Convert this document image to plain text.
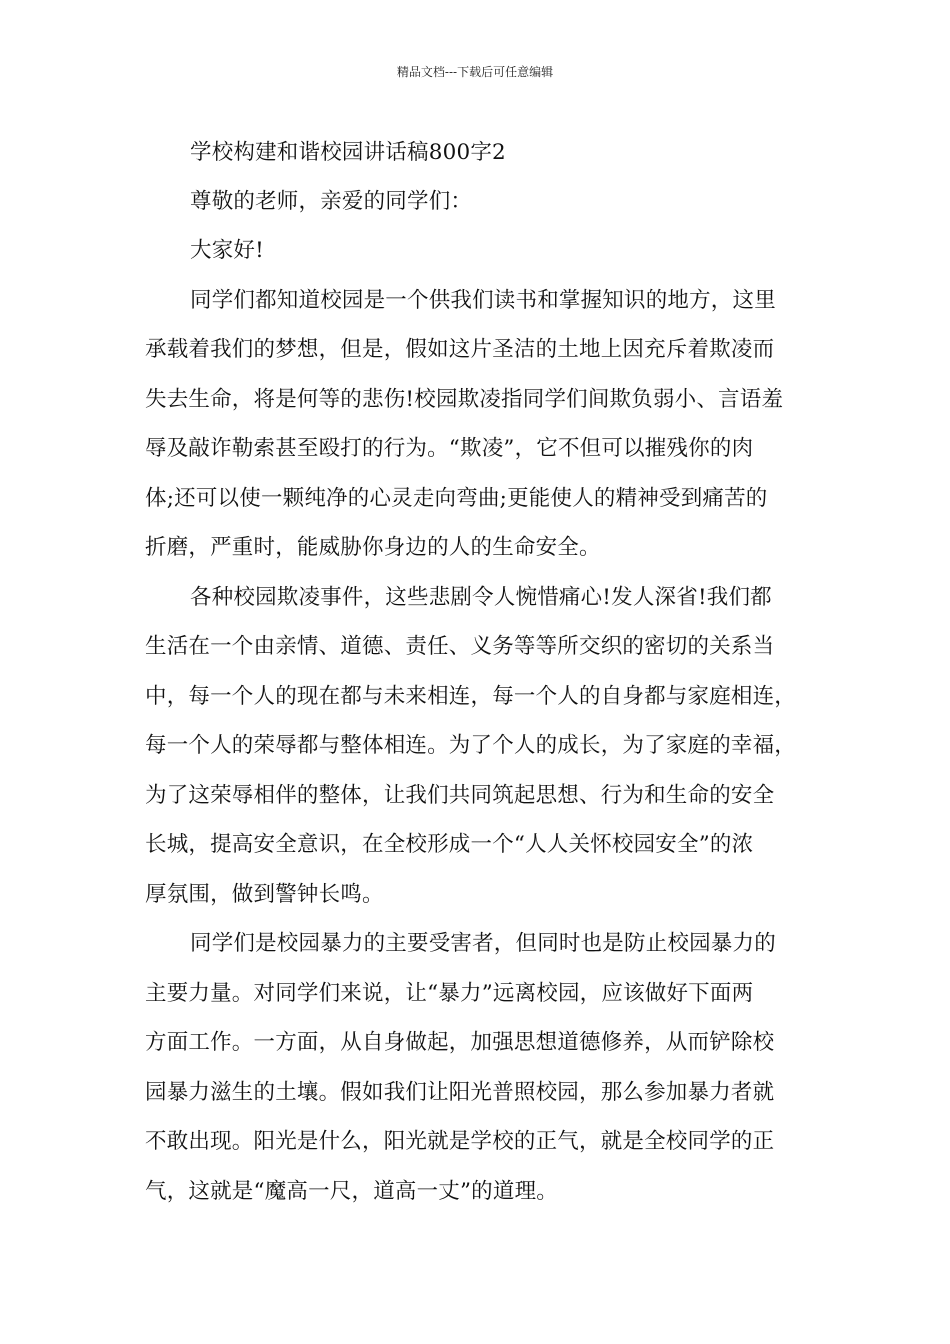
精品文档---下载后可任意编辑
学校构建和谐校园讲话稿800字2
尊敬的老师，亲爱的同学们：
大家好!
同学们都知道校园是一个供我们读书和掌握知识的地方，这里
承载着我们的梦想，但是，假如这片圣洁的土地上因充斥着欺凌而
失去生命，将是何等的悲伤!校园欺凌指同学们间欺负弱小、言语羞
辱及敲诈勒索甚至殴打的行为。“欺凌”，它不但可以摧残你的肉
体;还可以使一颗纯净的心灵走向弯曲;更能使人的精神受到痛苦的
折磨，严重时，能威胁你身边的人的生命安全。
各种校园欺凌事件，这些悲剧令人惋惜痛心!发人深省!我们都
生活在一个由亲情、道德、责任、义务等等所交织的密切的关系当
中，每一个人的现在都与未来相连，每一个人的自身都与家庭相连，
每一个人的荣辱都与整体相连。为了个人的成长，为了家庭的幸福，
为了这荣辱相伴的整体，让我们共同筑起思想、行为和生命的安全
长城，提高安全意识，在全校形成一个“人人关怀校园安全”的浓
厚氛围，做到警钟长鸣。
同学们是校园暴力的主要受害者，但同时也是防止校园暴力的
主要力量。对同学们来说，让“暴力”远离校园，应该做好下面两
方面工作。一方面，从自身做起，加强思想道德修养，从而铲除校
园暴力滋生的土壤。假如我们让阳光普照校园，那么参加暴力者就
不敢出现。阳光是什么，阳光就是学校的正气，就是全校同学的正
气，这就是“魔高一尺，道高一丈”的道理。
